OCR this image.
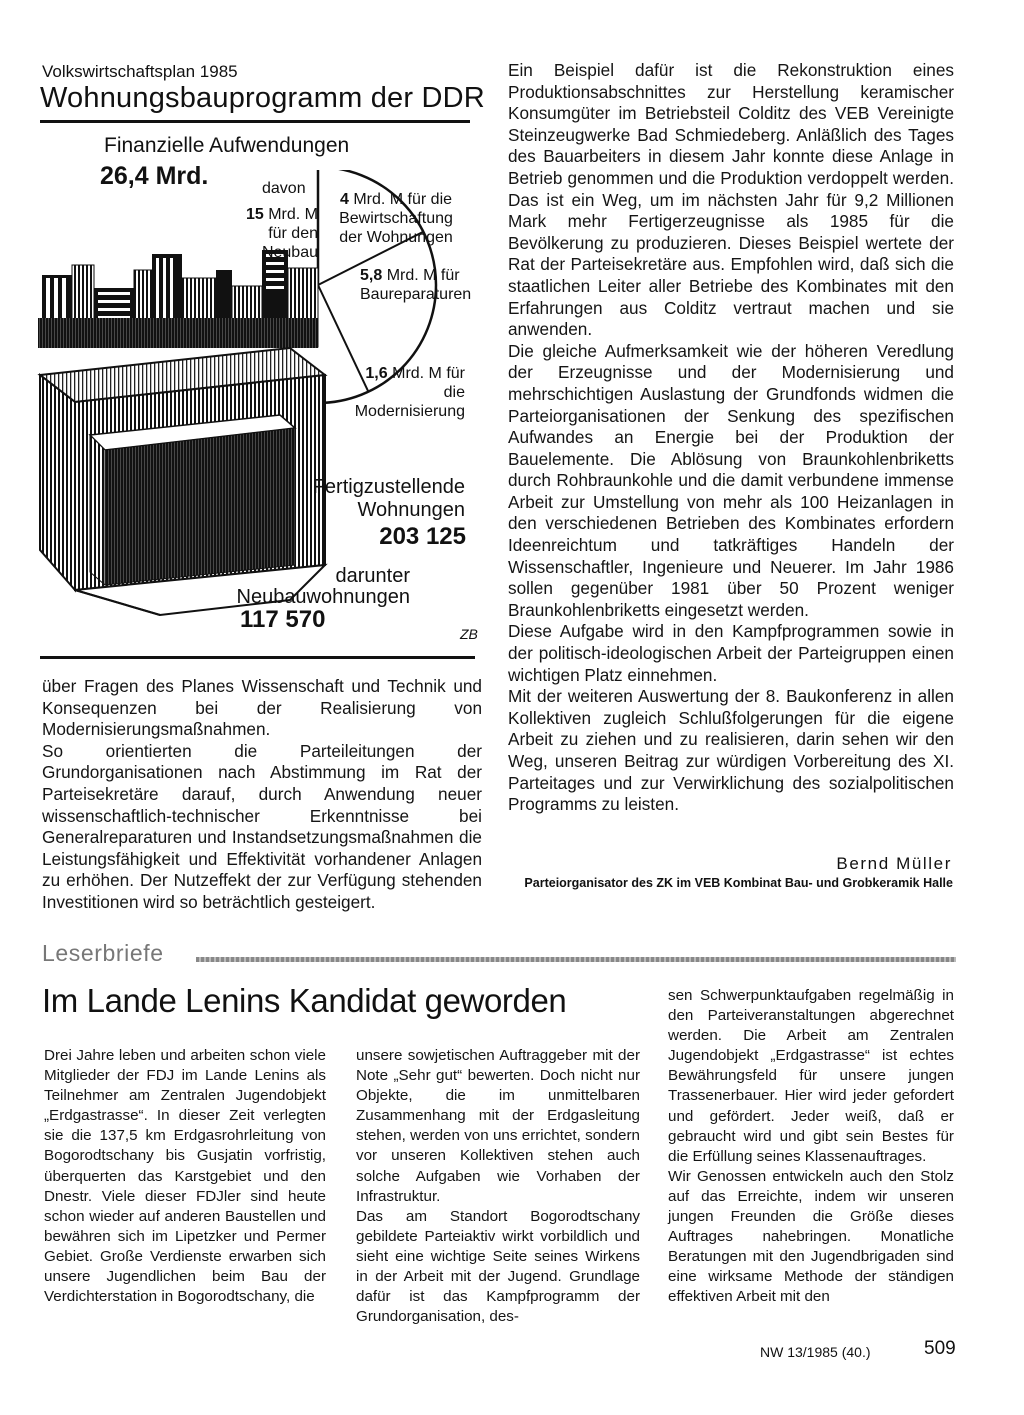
Volkswirtschaftsplan 1985
Wohnungsbauprogramm der DDR
Finanzielle Aufwendungen
26,4 Mrd.	davon
15 Mrd. M für den Neubau
4 Mrd. M für die Bewirtschaftung der Wohnungen
5,8 Mrd. M für Baureparaturen
1,6 Mrd. M für die Modernisierung
Fertigzustellende Wohnungen
203 125
darunter Neubauwohnungen
117 570
ZB

über Fragen des Planes Wissenschaft und Technik und Konsequenzen bei der Realisierung von Modernisierungsmaßnahmen.

So orientierten die Parteileitungen der Grundorganisationen nach Abstimmung im Rat der Parteisekretäre darauf, durch Anwendung neuer wissenschaftlich-technischer Erkenntnisse bei Generalreparaturen und Instandsetzungsmaßnahmen die Leistungsfähigkeit und Effektivität vorhandener Anlagen zu erhöhen. Der Nutzeffekt der zur Verfügung stehenden Investitionen wird so beträchtlich gesteigert.

Ein Beispiel dafür ist die Rekonstruktion eines Produktionsabschnittes zur Herstellung keramischer Konsumgüter im Betriebsteil Colditz des VEB Vereinigte Steinzeugwerke Bad Schmiedeberg. Anläßlich des Tages des Bauarbeiters in diesem Jahr konnte diese Anlage in Betrieb genommen und die Produktion verdoppelt werden. Das ist ein Weg, um im nächsten Jahr für 9,2 Millionen Mark mehr Fertigerzeugnisse als 1985 für die Bevölkerung zu produzieren. Dieses Beispiel wertete der Rat der Parteisekretäre aus. Empfohlen wird, daß sich die staatlichen Leiter aller Betriebe des Kombinates mit den Erfahrungen aus Colditz vertraut machen und sie anwenden.

Die gleiche Aufmerksamkeit wie der höheren Veredlung der Erzeugnisse und der Modernisierung und mehrschichtigen Auslastung der Grundfonds widmen die Parteiorganisationen der Senkung des spezifischen Aufwandes an Energie bei der Produktion der Bauelemente. Die Ablösung von Braunkohlenbriketts durch Rohbraunkohle und die damit verbundene immense Arbeit zur Umstellung von mehr als 100 Heizanlagen in den verschiedenen Betrieben des Kombinates erfordern Ideenreichtum und tatkräftiges Handeln der Wissenschaftler, Ingenieure und Neuerer. Im Jahr 1986 sollen gegenüber 1981 über 50 Prozent weniger Braunkohlenbriketts eingesetzt werden.

Diese Aufgabe wird in den Kampfprogrammen sowie in der politisch-ideologischen Arbeit der Parteigruppen einen wichtigen Platz einnehmen.

Mit der weiteren Auswertung der 8. Baukonferenz in allen Kollektiven zugleich Schlußfolgerungen für die eigene Arbeit zu ziehen und zu realisieren, darin sehen wir den Weg, unseren Beitrag zur würdigen Vorbereitung des XI. Parteitages und zur Verwirklichung des sozialpolitischen Programms zu leisten.

Bernd Müller
Parteiorganisator des ZK im VEB Kombinat Bau- und Grobkeramik Halle
Leserbriefe
Im Lande Lenins Kandidat geworden

Drei Jahre leben und arbeiten schon viele Mitglieder der FDJ im Lande Lenins als Teilnehmer am Zentralen Jugendobjekt „Erdgastrasse“. In dieser Zeit verlegten sie die 137,5 km Erdgasrohrleitung von Bogorodtschany bis Gusjatin vorfristig, überquerten das Karstgebiet und den Dnestr. Viele dieser FDJler sind heute schon wieder auf anderen Baustellen und bewähren sich im Lipetzker und Permer Gebiet. Große Verdienste erwarben sich unsere Jugendlichen beim Bau der Verdichterstation in Bogorodtschany, die

unsere sowjetischen Auftraggeber mit der Note „Sehr gut“ bewerten. Doch nicht nur Objekte, die im unmittelbaren Zusammenhang mit der Erdgasleitung stehen, werden von uns errichtet, sondern vor unseren Kollektiven stehen auch solche Aufgaben wie Vorhaben der Infrastruktur.

Das am Standort Bogorodtschany gebildete Parteiaktiv wirkt vorbildlich und sieht eine wichtige Seite seines Wirkens in der Arbeit mit der Jugend. Grundlage dafür ist das Kampfprogramm der Grundorganisation, des-

sen Schwerpunktaufgaben regelmäßig in den Parteiveranstaltungen abgerechnet werden. Die Arbeit am Zentralen Jugendobjekt „Erdgastrasse“ ist echtes Bewährungsfeld für unsere jungen Trassenerbauer. Hier wird jeder gefordert und gefördert. Jeder weiß, daß er gebraucht wird und gibt sein Bestes für die Erfüllung seines Klassenauftrages.

Wir Genossen entwickeln auch den Stolz auf das Erreichte, indem wir unseren jungen Freunden die Größe dieses Auftrages nahebringen. Monatliche Beratungen mit den Jugendbrigaden sind eine wirksame Methode der ständigen effektiven Arbeit mit den

NW 13/1985 (40.)	509
